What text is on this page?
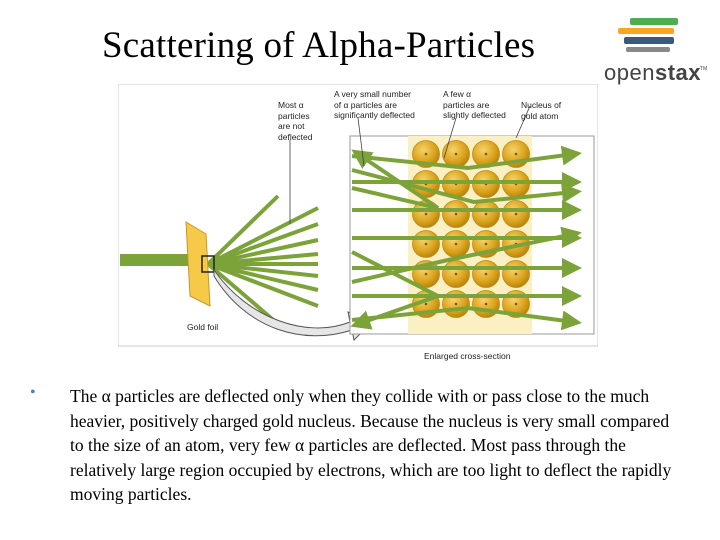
Scattering of Alpha-Particles
openstax TM
Most α
particles
are not
deflected
A very small number
of α particles are
significantly deflected
A few α
particles are
slightly deflected
Nucleus of
gold atom
Gold foil
Enlarged cross-section
• The α particles are deflected only when they collide with or pass close to the much heavier, positively charged gold nucleus. Because the nucleus is very small compared to the size of an atom, very few α particles are deflected. Most pass through the relatively large region occupied by electrons, which are too light to deflect the rapidly moving particles.
